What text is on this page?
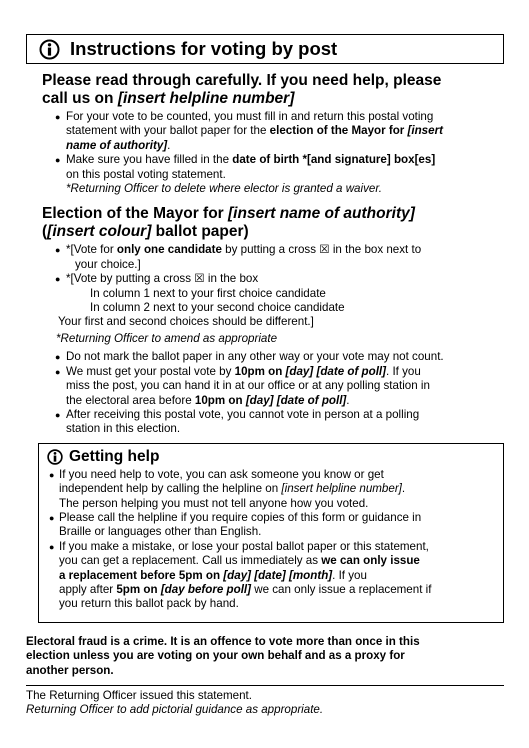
Instructions for voting by post
Please read through carefully. If you need help, please
call us on [insert helpline number]
● For your vote to be counted, you must fill in and return this postal voting
statement with your ballot paper for the election of the Mayor for [insert
name of authority].
● Make sure you have filled in the date of birth *[and signature] box[es]
on this postal voting statement.
*Returning Officer to delete where elector is granted a waiver.
Election of the Mayor for [insert name of authority]
([insert colour] ballot paper)
● *[Vote for only one candidate by putting a cross ☒ in the box next to
your choice.]
● *[Vote by putting a cross ☒ in the box
In column 1 next to your first choice candidate
In column 2 next to your second choice candidate
Your first and second choices should be different.]
*Returning Officer to amend as appropriate
● Do not mark the ballot paper in any other way or your vote may not count.
● We must get your postal vote by 10pm on [day] [date of poll]. If you
miss the post, you can hand it in at our office or at any polling station in
the electoral area before 10pm on [day] [date of poll].
● After receiving this postal vote, you cannot vote in person at a polling
station in this election.
Getting help
● If you need help to vote, you can ask someone you know or get
independent help by calling the helpline on [insert helpline number].
The person helping you must not tell anyone how you voted.
● Please call the helpline if you require copies of this form or guidance in
Braille or languages other than English.
● If you make a mistake, or lose your postal ballot paper or this statement,
you can get a replacement. Call us immediately as we can only issue
a replacement before 5pm on [day] [date] [month]. If you
apply after 5pm on [day before poll] we can only issue a replacement if
you return this ballot pack by hand.
Electoral fraud is a crime. It is an offence to vote more than once in this
election unless you are voting on your own behalf and as a proxy for
another person.
The Returning Officer issued this statement.
Returning Officer to add pictorial guidance as appropriate.
